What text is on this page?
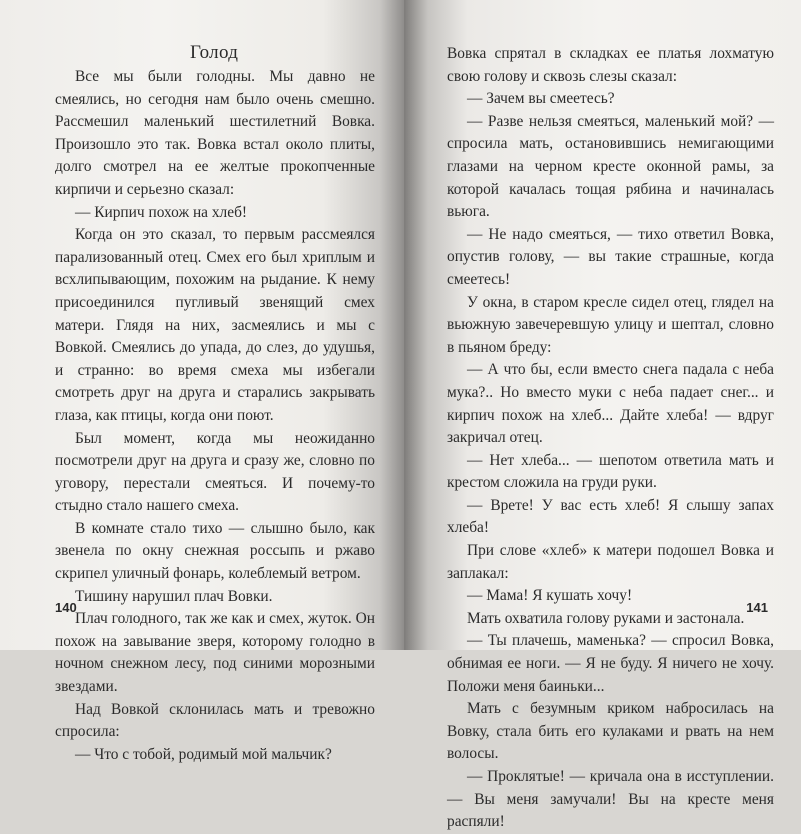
Голод

Все мы были голодны. Мы давно не смеялись, но сегодня нам было очень смешно. Рассмешил маленький шестилетний Вовка. Произошло это так. Вовка встал около плиты, долго смотрел на ее желтые прокопченные кирпичи и серьезно сказал:

— Кирпич похож на хлеб!

Когда он это сказал, то первым рассмеялся парализованный отец. Смех его был хриплым и всхлипывающим, похожим на рыдание. К нему присоединился пугливый звенящий смех матери. Глядя на них, засмеялись и мы с Вовкой. Смеялись до упада, до слез, до удушья, и странно: во время смеха мы избегали смотреть друг на друга и старались закрывать глаза, как птицы, когда они поют.

Был момент, когда мы неожиданно посмотрели друг на друга и сразу же, словно по уговору, перестали смеяться. И почему-то стыдно стало нашего смеха.

В комнате стало тихо — слышно было, как звенела по окну снежная россыпь и ржаво скрипел уличный фонарь, колеблемый ветром.

Тишину нарушил плач Вовки.

Плач голодного, так же как и смех, жуток. Он похож на завывание зверя, которому голодно в ночном снежном лесу, под синими морозными звездами.

Над Вовкой склонилась мать и тревожно спросила:

— Что с тобой, родимый мой мальчик?

140

Вовка спрятал в складках ее платья лохматую свою голову и сквозь слезы сказал:

— Зачем вы смеетесь?

— Разве нельзя смеяться, маленький мой? — спросила мать, остановившись немигающими глазами на черном кресте оконной рамы, за которой качалась тощая рябина и начиналась вьюга.

— Не надо смеяться, — тихо ответил Вовка, опустив голову, — вы такие страшные, когда смеетесь!

У окна, в старом кресле сидел отец, глядел на вьюжную завечеревшую улицу и шептал, словно в пьяном бреду:

— А что бы, если вместо снега падала с неба мука?.. Но вместо муки с неба падает снег... и кирпич похож на хлеб... Дайте хлеба! — вдруг закричал отец.

— Нет хлеба... — шепотом ответила мать и крестом сложила на груди руки.

— Врете! У вас есть хлеб! Я слышу запах хлеба!

При слове «хлеб» к матери подошел Вовка и заплакал:

— Мама! Я кушать хочу!

Мать охватила голову руками и застонала.

— Ты плачешь, маменька? — спросил Вовка, обнимая ее ноги. — Я не буду. Я ничего не хочу. Положи меня баиньки...

Мать с безумным криком набросилась на Вовку, стала бить его кулаками и рвать на нем волосы.

— Проклятые! — кричала она в исступлении. — Вы меня замучали! Вы на кресте меня распяли!

141
